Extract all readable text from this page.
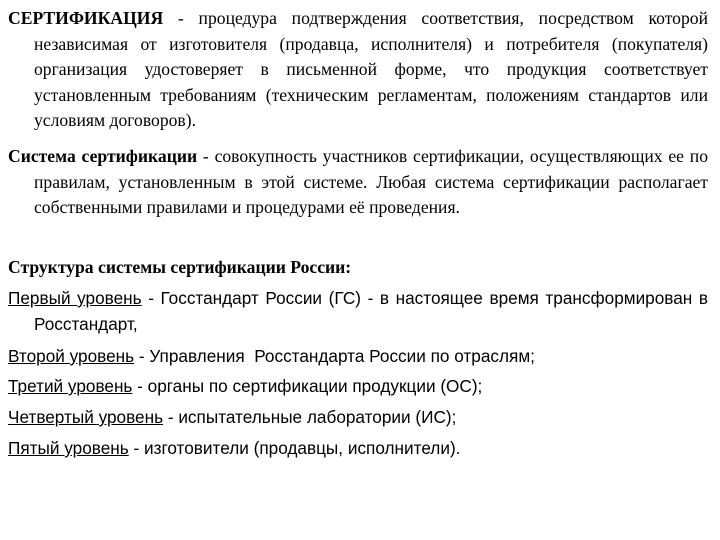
СЕРТИФИКАЦИЯ - процедура подтверждения соответствия, посредством которой независимая от изготовителя (продавца, исполнителя) и потребителя (покупателя) организация удостоверяет в письменной форме, что продукция соответствует установленным требованиям (техническим регламентам, положениям стандартов или условиям договоров).
Система сертификации - совокупность участников сертификации, осуществляющих ее по правилам, установленным в этой системе. Любая система сертификации располагает собственными правилами и процедурами её проведения.
Структура системы сертификации России:
Первый уровень - Госстандарт России (ГС) - в настоящее время трансформирован в Росстандарт,
Второй уровень - Управления  Росстандарта России по отраслям;
Третий уровень - органы по сертификации продукции (ОС);
Четвертый уровень - испытательные лаборатории (ИС);
Пятый уровень - изготовители (продавцы, исполнители).
